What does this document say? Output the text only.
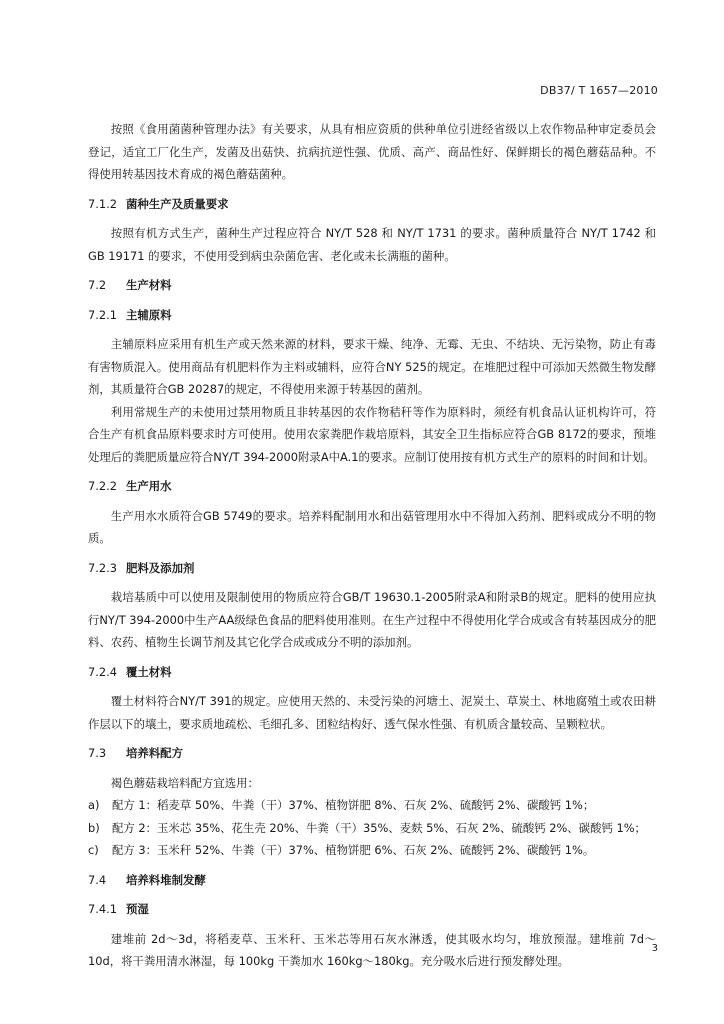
DB37/ T 1657—2010

按照《食用菌菌种管理办法》有关要求，从具有相应资质的供种单位引进经省级以上农作物品种审定委员会登记，适宜工厂化生产，发菌及出菇快、抗病抗逆性强、优质、高产、商品性好、保鲜期长的褐色蘑菇品种。不得使用转基因技术育成的褐色蘑菇菌种。

7.1.2 菌种生产及质量要求

按照有机方式生产，菌种生产过程应符合 NY/T 528 和 NY/T 1731 的要求。菌种质量符合 NY/T 1742 和 GB 19171 的要求，不使用受到病虫杂菌危害、老化或未长满瓶的菌种。

7.2 生产材料

7.2.1 主辅原料

主辅原料应采用有机生产或天然来源的材料，要求干燥、纯净、无霉、无虫、不结块、无污染物，防止有毒有害物质混入。使用商品有机肥料作为主料或辅料，应符合NY 525的规定。在堆肥过程中可添加天然微生物发酵剂，其质量符合GB 20287的规定，不得使用来源于转基因的菌剂。

利用常规生产的未使用过禁用物质且非转基因的农作物秸秆等作为原料时，须经有机食品认证机构许可，符合生产有机食品原料要求时方可使用。使用农家粪肥作栽培原料，其安全卫生指标应符合GB 8172的要求，预堆处理后的粪肥质量应符合NY/T 394-2000附录A中A.1的要求。应制订使用按有机方式生产的原料的时间和计划。

7.2.2 生产用水

生产用水水质符合GB 5749的要求。培养料配制用水和出菇管理用水中不得加入药剂、肥料或成分不明的物质。

7.2.3 肥料及添加剂

栽培基质中可以使用及限制使用的物质应符合GB/T 19630.1-2005附录A和附录B的规定。肥料的使用应执行NY/T 394-2000中生产AA级绿色食品的肥料使用准则。在生产过程中不得使用化学合成或含有转基因成分的肥料、农药、植物生长调节剂及其它化学合成或成分不明的添加剂。

7.2.4 覆土材料

覆土材料符合NY/T 391的规定。应使用天然的、未受污染的河塘土、泥炭土、草炭土、林地腐殖土或农田耕作层以下的壤土，要求质地疏松、毛细孔多、团粒结构好、透气保水性强、有机质含量较高、呈颗粒状。

7.3 培养料配方

褐色蘑菇栽培料配方宜选用：

a) 配方 1：稻麦草 50%、牛粪（干）37%、植物饼肥 8%、石灰 2%、硫酸钙 2%、碳酸钙 1%；

b) 配方 2：玉米芯 35%、花生壳 20%、牛粪（干）35%、麦麸 5%、石灰 2%、硫酸钙 2%、碳酸钙 1%；

c) 配方 3：玉米秆 52%、牛粪（干）37%、植物饼肥 6%、石灰 2%、硫酸钙 2%、碳酸钙 1%。

7.4 培养料堆制发酵

7.4.1 预湿

建堆前 2d～3d，将稻麦草、玉米秆、玉米芯等用石灰水淋透，使其吸水均匀，堆放预湿。建堆前 7d～10d，将干粪用清水淋湿，每 100kg 干粪加水 160kg～180kg。充分吸水后进行预发酵处理。

3
